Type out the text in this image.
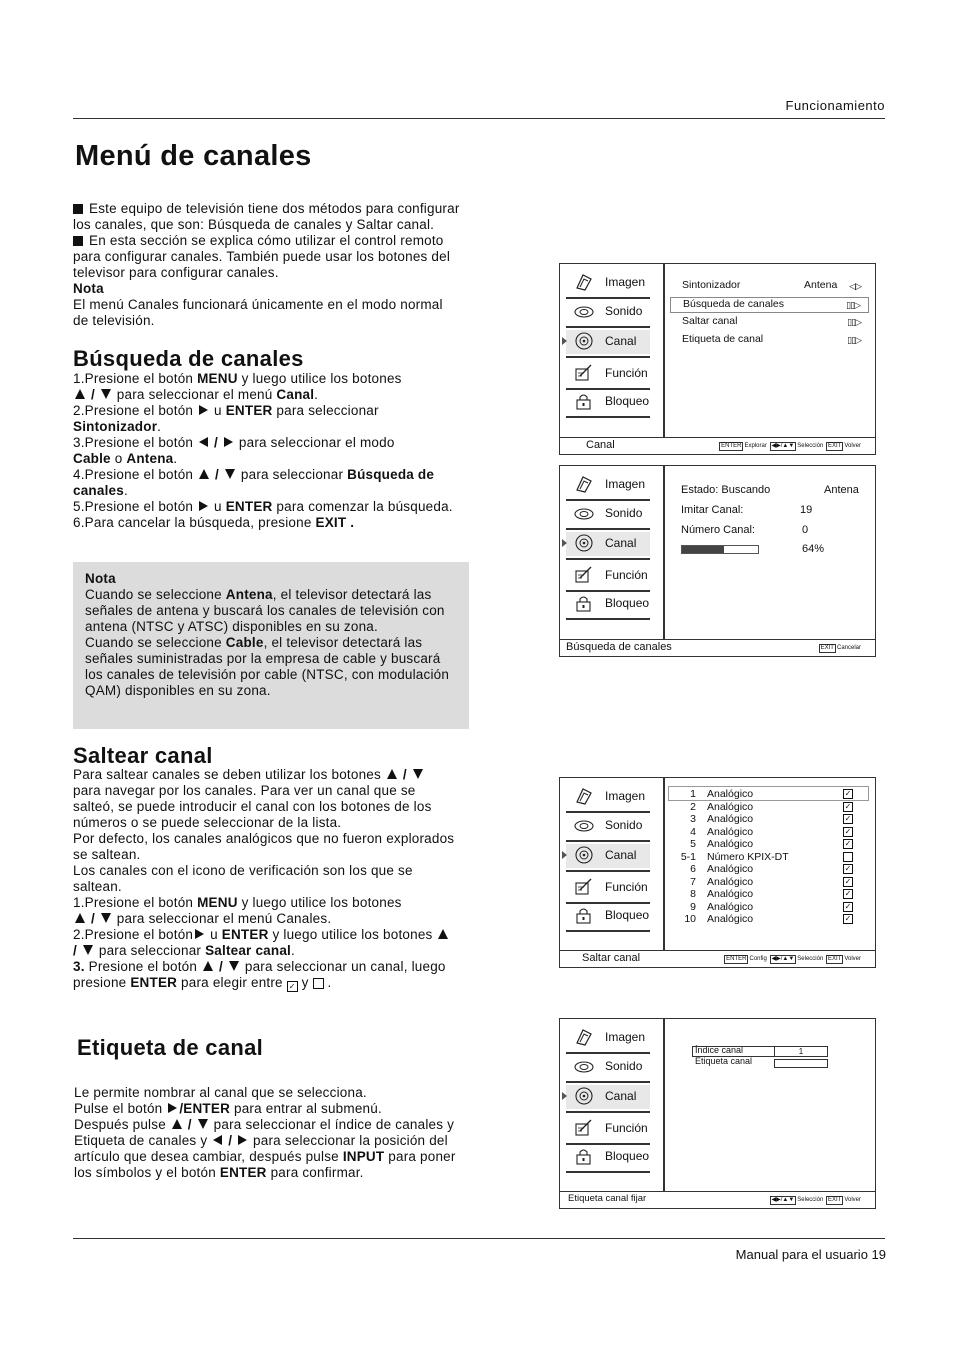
Funcionamiento
Menú de canales

Este equipo de televisión tiene dos métodos para configurar los canales, que son: Búsqueda de canales y Saltar canal.

En esta sección se explica cómo utilizar el control remoto para configurar canales. También puede usar los botones del televisor para configurar canales.

Nota

El menú Canales funcionará únicamente en el modo normal de televisión.

Búsqueda de canales

1.Presione el botón MENU y luego utilice los botones

/  para seleccionar el menú Canal.

2.Presione el botón  u ENTER para seleccionar

Sintonizador.

3.Presione el botón  /  para seleccionar el modo

Cable o Antena.

4.Presione el botón  /  para seleccionar Búsqueda de canales.

5.Presione el botón  u ENTER para comenzar la búsqueda.

6.Para cancelar la búsqueda, presione EXIT .

Nota

Cuando se seleccione Antena, el televisor detectará las señales de antena y buscará los canales de televisión con antena (NTSC y ATSC) disponibles en su zona.

Cuando se seleccione Cable, el televisor detectará las señales suministradas por la empresa de cable y buscará los canales de televisión por cable (NTSC, con modulación QAM) disponibles en su zona.

Saltear canal

Para saltear canales se deben utilizar los botones  /  para navegar por los canales. Para ver un canal que se salteó, se puede introducir el canal con los botones de los números o se puede seleccionar de la lista.

Por defecto, los canales analógicos que no fueron explorados se saltean.

Los canales con el icono de verificación son los que se saltean.

1.Presione el botón MENU y luego utilice los botones

/  para seleccionar el menú Canales.

2.Presione el botón u ENTER y luego utilice los botones  /  para seleccionar Saltear canal.

3. Presione el botón  /  para seleccionar un canal, luego presione ENTER para elegir entre ✓ y  .

Etiqueta de canal

Le permite nombrar al canal que se selecciona.

Pulse el botón /ENTER para entrar al submenú.

Después pulse  /  para seleccionar el índice de canales y Etiqueta de canales y  /  para seleccionar la posición del artículo que desea cambiar, después pulse INPUT para poner los símbolos y el botón ENTER para confirmar.

Imagen
Sonido
Canal
Función
Bloqueo
Sintonizador	Antena ◁▷
Búsqueda de canales	▯▯▷
Saltar canal	▯▯▷
Etiqueta de canal	▯▯▷
Canal	ENTER Explorar ◀▶/▲▼ Selección EXIT Volver
Imagen
Sonido
Canal
Función
Bloqueo
Estado: Buscando	Antena
Imitar Canal:	19
Número Canal:	0
64%
Búsqueda de canales	EXIT Cancelar
Imagen
Sonido
Canal
Función
Bloqueo
1 Analógico	✓
2 Analógico	✓
3 Analógico	✓
4 Analógico	✓
5 Analógico	✓
5-1 Número KPIX-DT
6 Analógico	✓
7 Analógico	✓
8 Analógico	✓
9 Analógico	✓
10 Analógico	✓
Saltar canal	ENTER Config ◀▶/▲▼ Selección EXIT Volver
Imagen
Sonido
Canal
Función
Bloqueo
Índice canal	1
Etiqueta canal
Etiqueta canal fijar	◀▶/▲▼ Selección EXIT Volver
Manual para el usuario 19
